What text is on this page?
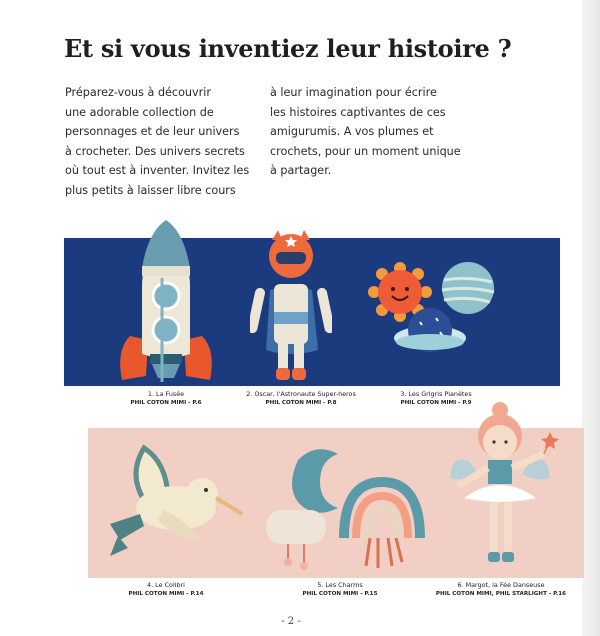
Et si vous inventiez leur histoire ?

Préparez-vous à découvrir

une adorable collection de

personnages et de leur univers

à crocheter. Des univers secrets

où tout est à inventer. Invitez les

plus petits à laisser libre cours

à leur imagination pour écrire

les histoires captivantes de ces

amigurumis. A vos plumes et

crochets, pour un moment unique

à partager.

1. La Fusée
PHIL COTON MIMI - P.6
2. Oscar, l'Astronaute Super-heros
PHIL COTON MIMI - P.8
3. Les Grigris Planètes
PHIL COTON MIMI - P.9
4. Le Colibri
PHIL COTON MIMI - P.14
5. Les Charms
PHIL COTON MIMI - P.15
6. Margot, la Fée Danseuse
PHIL COTON MIMI, PHIL STARLIGHT - P.16
- 2 -
